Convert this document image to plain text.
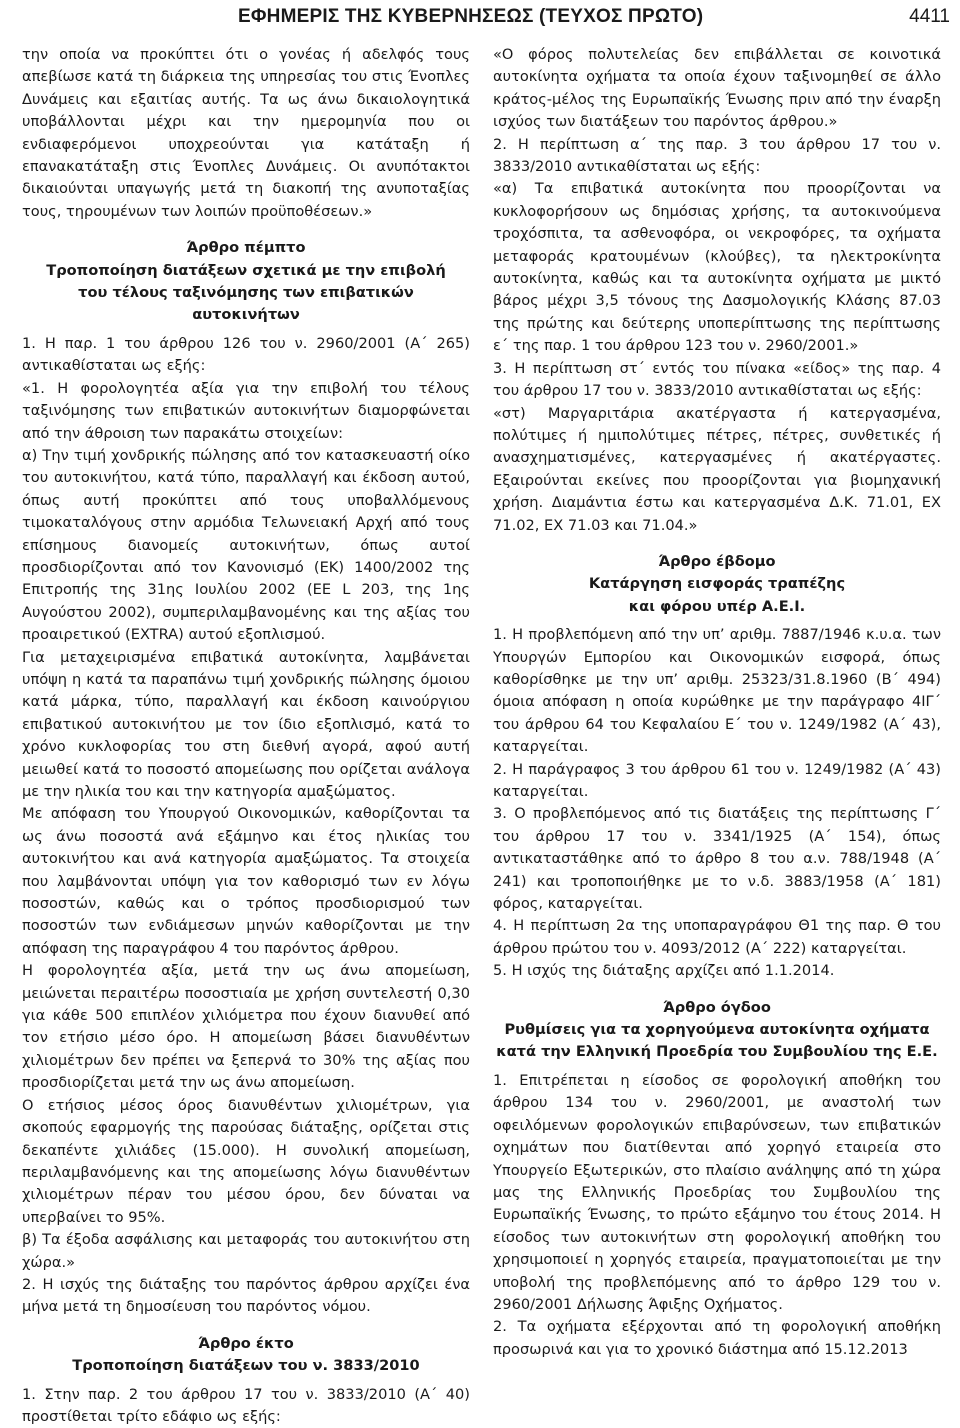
ΕΦΗΜΕΡΙΣ ΤΗΣ ΚΥΒΕΡΝΗΣΕΩΣ (ΤΕΥΧΟΣ ΠΡΩΤΟ)	4411

την οποία να προκύπτει ότι ο γονέας ή αδελφός τους απεβίωσε κατά τη διάρκεια της υπηρεσίας του στις Ένοπλες Δυνάμεις και εξαιτίας αυτής. Τα ως άνω δικαιολογητικά υποβάλλονται μέχρι και την ημερομηνία που οι ενδιαφερόμενοι υποχρεούνται για κατάταξη ή επανακατάταξη στις Ένοπλες Δυνάμεις. Οι ανυπότακτοι δικαιούνται υπαγωγής μετά τη διακοπή της ανυποταξίας τους, τηρουμένων των λοιπών προϋποθέσεων.»

Άρθρο πέμπτο
Τροποποίηση διατάξεων σχετικά με την επιβολή
του τέλους ταξινόμησης των επιβατικών αυτοκινήτων

1. Η παρ. 1 του άρθρου 126 του ν. 2960/2001 (Α΄ 265) αντικαθίσταται ως εξής:

«1. Η φορολογητέα αξία για την επιβολή του τέλους ταξινόμησης των επιβατικών αυτοκινήτων διαμορφώνεται από την άθροιση των παρακάτω στοιχείων:

α) Την τιμή χονδρικής πώλησης από τον κατασκευαστή οίκο του αυτοκινήτου, κατά τύπο, παραλλαγή και έκδοση αυτού, όπως αυτή προκύπτει από τους υποβαλλόμενους τιμοκαταλόγους στην αρμόδια Τελωνειακή Αρχή από τους επίσημους διανομείς αυτοκινήτων, όπως αυτοί προσδιορίζονται από τον Κανονισμό (ΕΚ) 1400/2002 της Επιτροπής της 31ης Ιουλίου 2002 (ΕΕ L 203, της 1ης Αυγούστου 2002), συμπεριλαμβανομένης και της αξίας του προαιρετικού (EXTRA) αυτού εξοπλισμού.

Για μεταχειρισμένα επιβατικά αυτοκίνητα, λαμβάνεται υπόψη η κατά τα παραπάνω τιμή χονδρικής πώλησης όμοιου κατά μάρκα, τύπο, παραλλαγή και έκδοση καινούργιου επιβατικού αυτοκινήτου με τον ίδιο εξοπλισμό, κατά το χρόνο κυκλοφορίας του στη διεθνή αγορά, αφού αυτή μειωθεί κατά το ποσοστό απομείωσης που ορίζεται ανάλογα με την ηλικία του και την κατηγορία αμαξώματος.

Με απόφαση του Υπουργού Οικονομικών, καθορίζονται τα ως άνω ποσοστά ανά εξάμηνο και έτος ηλικίας του αυτοκινήτου και ανά κατηγορία αμαξώματος. Τα στοιχεία που λαμβάνονται υπόψη για τον καθορισμό των εν λόγω ποσοστών, καθώς και ο τρόπος προσδιορισμού των ποσοστών των ενδιάμεσων μηνών καθορίζονται με την απόφαση της παραγράφου 4 του παρόντος άρθρου.

Η φορολογητέα αξία, μετά την ως άνω απομείωση, μειώνεται περαιτέρω ποσοστιαία με χρήση συντελεστή 0,30 για κάθε 500 επιπλέον χιλιόμετρα που έχουν διανυθεί από τον ετήσιο μέσο όρο. Η απομείωση βάσει διανυθέντων χιλιομέτρων δεν πρέπει να ξεπερνά το 30% της αξίας που προσδιορίζεται μετά την ως άνω απομείωση.

Ο ετήσιος μέσος όρος διανυθέντων χιλιομέτρων, για σκοπούς εφαρμογής της παρούσας διάταξης, ορίζεται στις δεκαπέντε χιλιάδες (15.000). Η συνολική απομείωση, περιλαμβανόμενης και της απομείωσης λόγω διανυθέντων χιλιομέτρων πέραν του μέσου όρου, δεν δύναται να υπερβαίνει το 95%.

β) Τα έξοδα ασφάλισης και μεταφοράς του αυτοκινήτου στη χώρα.»

2. Η ισχύς της διάταξης του παρόντος άρθρου αρχίζει ένα μήνα μετά τη δημοσίευση του παρόντος νόμου.

Άρθρο έκτο
Τροποποίηση διατάξεων του ν. 3833/2010

1. Στην παρ. 2 του άρθρου 17 του ν. 3833/2010 (Α΄ 40) προστίθεται τρίτο εδάφιο ως εξής:

«Ο φόρος πολυτελείας δεν επιβάλλεται σε κοινοτικά αυτοκίνητα οχήματα τα οποία έχουν ταξινομηθεί σε άλλο κράτος-μέλος της Ευρωπαϊκής Ένωσης πριν από την έναρξη ισχύος των διατάξεων του παρόντος άρθρου.»

2. Η περίπτωση α΄ της παρ. 3 του άρθρου 17 του ν. 3833/2010 αντικαθίσταται ως εξής:

«α) Τα επιβατικά αυτοκίνητα που προορίζονται να κυκλοφορήσουν ως δημόσιας χρήσης, τα αυτοκινούμενα τροχόσπιτα, τα ασθενοφόρα, οι νεκροφόρες, τα οχήματα μεταφοράς κρατουμένων (κλούβες), τα ηλεκτροκίνητα αυτοκίνητα, καθώς και τα αυτοκίνητα οχήματα με μικτό βάρος μέχρι 3,5 τόνους της Δασμολογικής Κλάσης 87.03 της πρώτης και δεύτερης υποπερίπτωσης της περίπτωσης ε΄ της παρ. 1 του άρθρου 123 του ν. 2960/2001.»

3. Η περίπτωση στ΄ εντός του πίνακα «είδος» της παρ. 4 του άρθρου 17 του ν. 3833/2010 αντικαθίσταται ως εξής:

«στ) Μαργαριτάρια ακατέργαστα ή κατεργασμένα, πολύτιμες ή ημιπολύτιμες πέτρες, πέτρες, συνθετικές ή ανασχηματισμένες, κατεργασμένες ή ακατέργαστες. Εξαιρούνται εκείνες που προορίζονται για βιομηχανική χρήση. Διαμάντια έστω και κατεργασμένα Δ.Κ. 71.01, ΕΧ 71.02, ΕΧ 71.03 και 71.04.»

Άρθρο έβδομο
Κατάργηση εισφοράς τραπέζης
και φόρου υπέρ Α.Ε.Ι.

1. Η προβλεπόμενη από την υπ’ αριθμ. 7887/1946 κ.υ.α. των Υπουργών Εμπορίου και Οικονομικών εισφορά, όπως καθορίσθηκε με την υπ’ αριθμ. 25323/31.8.1960 (Β΄ 494) όμοια απόφαση η οποία κυρώθηκε με την παράγραφο 4ΙΓ΄ του άρθρου 64 του Κεφαλαίου Ε΄ του ν. 1249/1982 (Α΄ 43), καταργείται.

2. Η παράγραφος 3 του άρθρου 61 του ν. 1249/1982 (Α΄ 43) καταργείται.

3. Ο προβλεπόμενος από τις διατάξεις της περίπτωσης Γ΄ του άρθρου 17 του ν. 3341/1925 (Α΄ 154), όπως αντικαταστάθηκε από το άρθρο 8 του α.ν. 788/1948 (Α΄ 241) και τροποποιήθηκε με το ν.δ. 3883/1958 (Α΄ 181) φόρος, καταργείται.

4. Η περίπτωση 2α της υποπαραγράφου Θ1 της παρ. Θ του άρθρου πρώτου του ν. 4093/2012 (Α΄ 222) καταργείται.

5. Η ισχύς της διάταξης αρχίζει από 1.1.2014.

Άρθρο όγδοο
Ρυθμίσεις για τα χορηγούμενα αυτοκίνητα οχήματα
κατά την Ελληνική Προεδρία του Συμβουλίου της Ε.Ε.

1. Επιτρέπεται η είσοδος σε φορολογική αποθήκη του άρθρου 134 του ν. 2960/2001, με αναστολή των οφειλόμενων φορολογικών επιβαρύνσεων, των επιβατικών οχημάτων που διατίθενται από χορηγό εταιρεία στο Υπουργείο Εξωτερικών, στο πλαίσιο ανάληψης από τη χώρα μας της Ελληνικής Προεδρίας του Συμβουλίου της Ευρωπαϊκής Ένωσης, το πρώτο εξάμηνο του έτους 2014. Η είσοδος των αυτοκινήτων στη φορολογική αποθήκη του χρησιμοποιεί η χορηγός εταιρεία, πραγματοποιείται με την υποβολή της προβλεπόμενης από το άρθρο 129 του ν. 2960/2001 Δήλωσης Άφιξης Οχήματος.

2. Τα οχήματα εξέρχονται από τη φορολογική αποθήκη προσωρινά και για το χρονικό διάστημα από 15.12.2013
